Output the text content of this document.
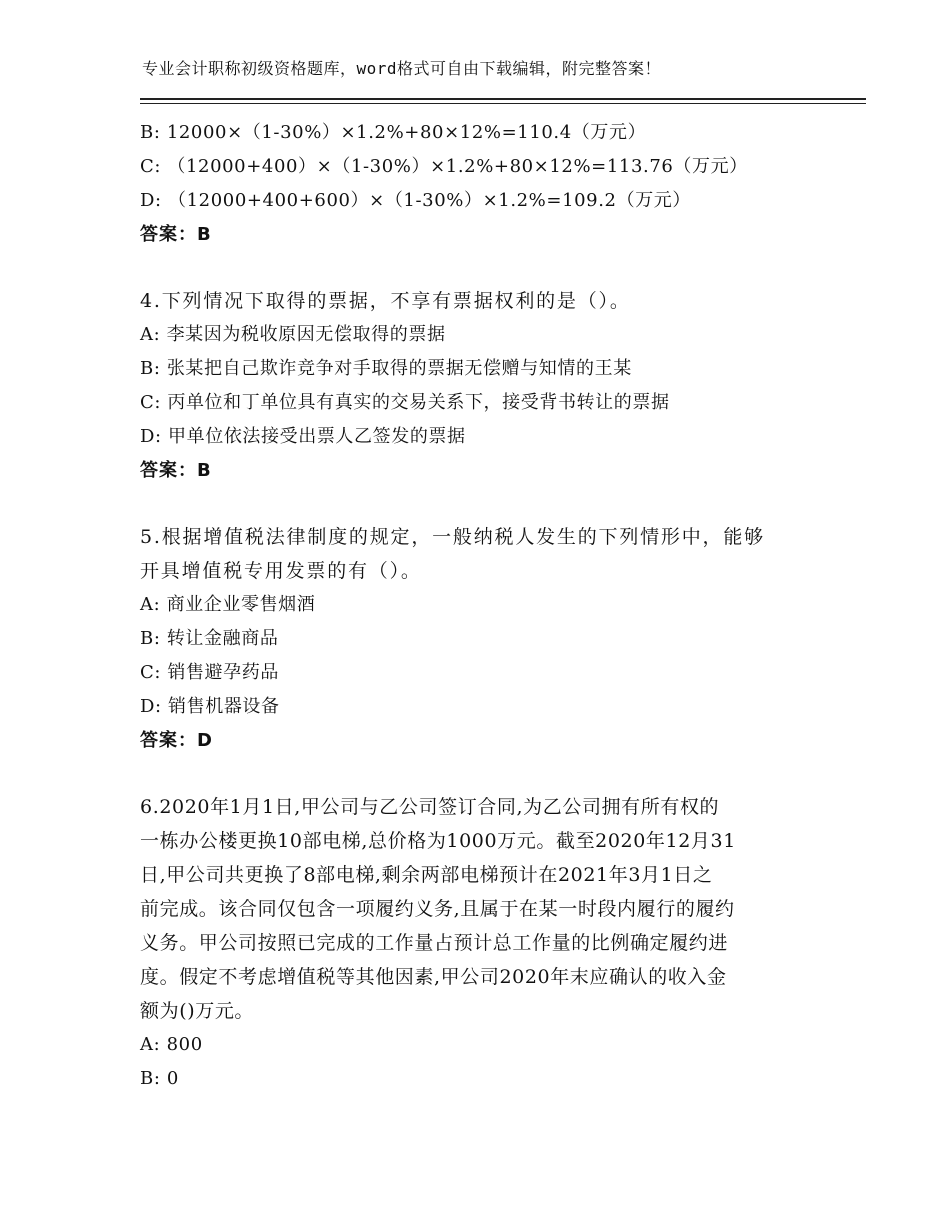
专业会计职称初级资格题库，word格式可自由下载编辑，附完整答案！
B: 12000×（1-30%）×1.2%+80×12%=110.4（万元）
C: （12000+400）×（1-30%）×1.2%+80×12%=113.76（万元）
D: （12000+400+600）×（1-30%）×1.2%=109.2（万元）
答案：B
4.下列情况下取得的票据，不享有票据权利的是（）。
A: 李某因为税收原因无偿取得的票据
B: 张某把自己欺诈竞争对手取得的票据无偿赠与知情的王某
C: 丙单位和丁单位具有真实的交易关系下，接受背书转让的票据
D: 甲单位依法接受出票人乙签发的票据
答案：B
5.根据增值税法律制度的规定，一般纳税人发生的下列情形中，能够
开具增值税专用发票的有（）。
A: 商业企业零售烟酒
B: 转让金融商品
C: 销售避孕药品
D: 销售机器设备
答案：D
6.2020年1月1日,甲公司与乙公司签订合同,为乙公司拥有所有权的
一栋办公楼更换10部电梯,总价格为1000万元。截至2020年12月31
日,甲公司共更换了8部电梯,剩余两部电梯预计在2021年3月1日之
前完成。该合同仅包含一项履约义务,且属于在某一时段内履行的履约
义务。甲公司按照已完成的工作量占预计总工作量的比例确定履约进
度。假定不考虑增值税等其他因素,甲公司2020年末应确认的收入金
额为()万元。
A: 800
B: 0
